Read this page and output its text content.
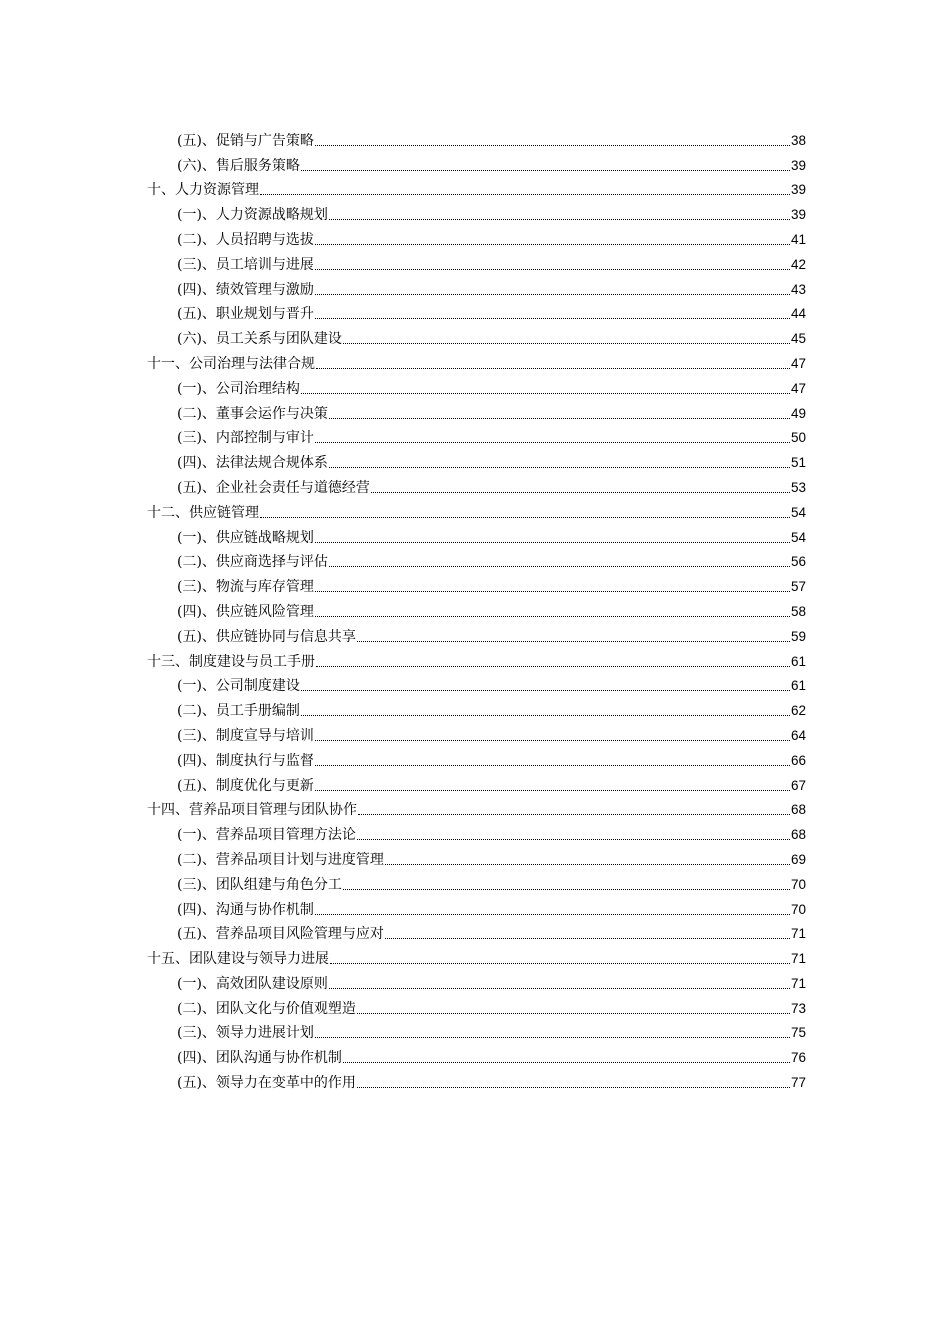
(五)、促销与广告策略	38
(六)、售后服务策略	39
十、人力资源管理	39
(一)、人力资源战略规划	39
(二)、人员招聘与选拔	41
(三)、员工培训与进展	42
(四)、绩效管理与激励	43
(五)、职业规划与晋升	44
(六)、员工关系与团队建设	45
十一、公司治理与法律合规	47
(一)、公司治理结构	47
(二)、董事会运作与决策	49
(三)、内部控制与审计	50
(四)、法律法规合规体系	51
(五)、企业社会责任与道德经营	53
十二、供应链管理	54
(一)、供应链战略规划	54
(二)、供应商选择与评估	56
(三)、物流与库存管理	57
(四)、供应链风险管理	58
(五)、供应链协同与信息共享	59
十三、制度建设与员工手册	61
(一)、公司制度建设	61
(二)、员工手册编制	62
(三)、制度宣导与培训	64
(四)、制度执行与监督	66
(五)、制度优化与更新	67
十四、营养品项目管理与团队协作	68
(一)、营养品项目管理方法论	68
(二)、营养品项目计划与进度管理	69
(三)、团队组建与角色分工	70
(四)、沟通与协作机制	70
(五)、营养品项目风险管理与应对	71
十五、团队建设与领导力进展	71
(一)、高效团队建设原则	71
(二)、团队文化与价值观塑造	73
(三)、领导力进展计划	75
(四)、团队沟通与协作机制	76
(五)、领导力在变革中的作用	77
